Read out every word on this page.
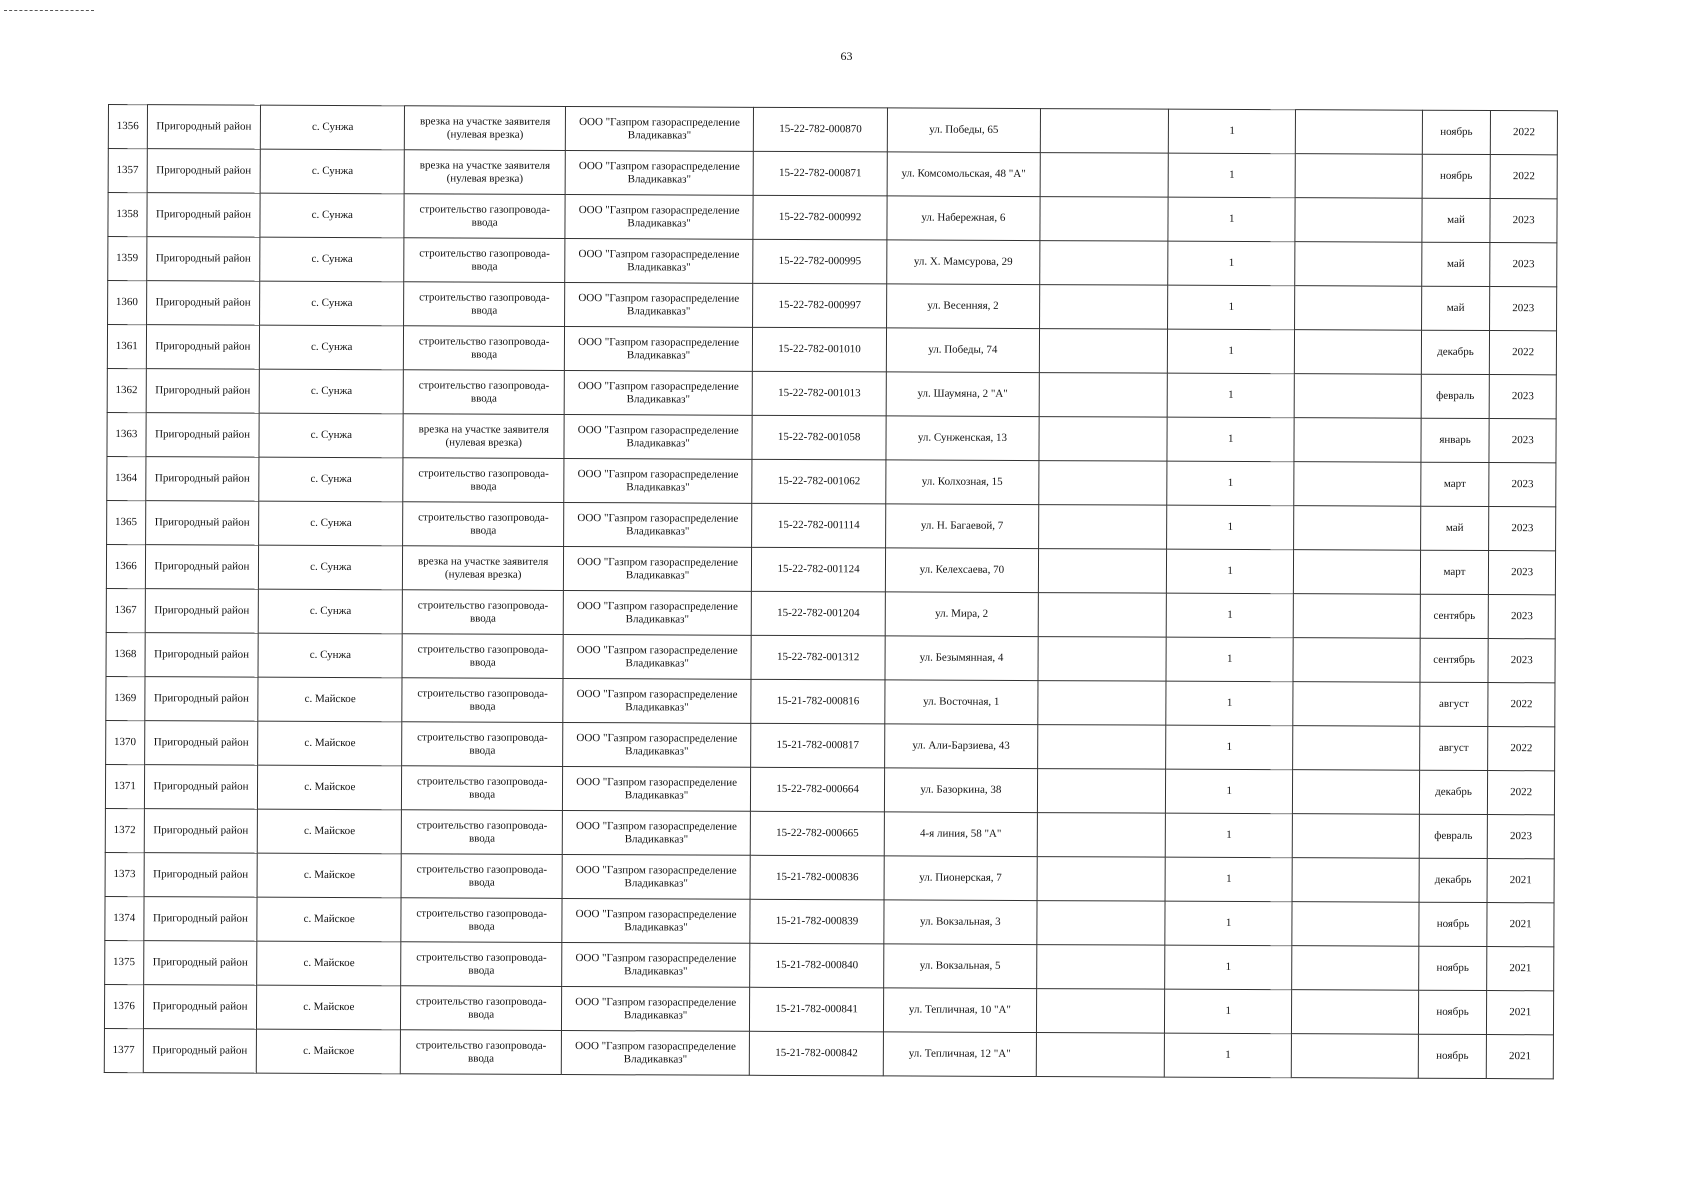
63
1356	Пригородный район	с. Сунжа	врезка на участке заявителя (нулевая врезка)	ООО "Газпром газораспределение Владикавказ"	15-22-782-000870	ул. Победы, 65		1		ноябрь	2022
1357	Пригородный район	с. Сунжа	врезка на участке заявителя (нулевая врезка)	ООО "Газпром газораспределение Владикавказ"	15-22-782-000871	ул. Комсомольская, 48 "А"		1		ноябрь	2022
1358	Пригородный район	с. Сунжа	строительство газопровода-ввода	ООО "Газпром газораспределение Владикавказ"	15-22-782-000992	ул. Набережная, 6		1		май	2023
1359	Пригородный район	с. Сунжа	строительство газопровода-ввода	ООО "Газпром газораспределение Владикавказ"	15-22-782-000995	ул. Х. Мамсурова, 29		1		май	2023
1360	Пригородный район	с. Сунжа	строительство газопровода-ввода	ООО "Газпром газораспределение Владикавказ"	15-22-782-000997	ул. Весенняя, 2		1		май	2023
1361	Пригородный район	с. Сунжа	строительство газопровода-ввода	ООО "Газпром газораспределение Владикавказ"	15-22-782-001010	ул. Победы, 74		1		декабрь	2022
1362	Пригородный район	с. Сунжа	строительство газопровода-ввода	ООО "Газпром газораспределение Владикавказ"	15-22-782-001013	ул. Шаумяна, 2 "А"		1		февраль	2023
1363	Пригородный район	с. Сунжа	врезка на участке заявителя (нулевая врезка)	ООО "Газпром газораспределение Владикавказ"	15-22-782-001058	ул. Сунженская, 13		1		январь	2023
1364	Пригородный район	с. Сунжа	строительство газопровода-ввода	ООО "Газпром газораспределение Владикавказ"	15-22-782-001062	ул. Колхозная, 15		1		март	2023
1365	Пригородный район	с. Сунжа	строительство газопровода-ввода	ООО "Газпром газораспределение Владикавказ"	15-22-782-001114	ул. Н. Багаевой, 7		1		май	2023
1366	Пригородный район	с. Сунжа	врезка на участке заявителя (нулевая врезка)	ООО "Газпром газораспределение Владикавказ"	15-22-782-001124	ул. Келехсаева, 70		1		март	2023
1367	Пригородный район	с. Сунжа	строительство газопровода-ввода	ООО "Газпром газораспределение Владикавказ"	15-22-782-001204	ул. Мира, 2		1		сентябрь	2023
1368	Пригородный район	с. Сунжа	строительство газопровода-ввода	ООО "Газпром газораспределение Владикавказ"	15-22-782-001312	ул. Безымянная, 4		1		сентябрь	2023
1369	Пригородный район	с. Майское	строительство газопровода-ввода	ООО "Газпром газораспределение Владикавказ"	15-21-782-000816	ул. Восточная, 1		1		август	2022
1370	Пригородный район	с. Майское	строительство газопровода-ввода	ООО "Газпром газораспределение Владикавказ"	15-21-782-000817	ул. Али-Барзиева, 43		1		август	2022
1371	Пригородный район	с. Майское	строительство газопровода-ввода	ООО "Газпром газораспределение Владикавказ"	15-22-782-000664	ул. Базоркина, 38		1		декабрь	2022
1372	Пригородный район	с. Майское	строительство газопровода-ввода	ООО "Газпром газораспределение Владикавказ"	15-22-782-000665	4-я линия, 58 "А"		1		февраль	2023
1373	Пригородный район	с. Майское	строительство газопровода-ввода	ООО "Газпром газораспределение Владикавказ"	15-21-782-000836	ул. Пионерская, 7		1		декабрь	2021
1374	Пригородный район	с. Майское	строительство газопровода-ввода	ООО "Газпром газораспределение Владикавказ"	15-21-782-000839	ул. Вокзальная, 3		1		ноябрь	2021
1375	Пригородный район	с. Майское	строительство газопровода-ввода	ООО "Газпром газораспределение Владикавказ"	15-21-782-000840	ул. Вокзальная, 5		1		ноябрь	2021
1376	Пригородный район	с. Майское	строительство газопровода-ввода	ООО "Газпром газораспределение Владикавказ"	15-21-782-000841	ул. Тепличная, 10 "А"		1		ноябрь	2021
1377	Пригородный район	с. Майское	строительство газопровода-ввода	ООО "Газпром газораспределение Владикавказ"	15-21-782-000842	ул. Тепличная, 12 "А"		1		ноябрь	2021
